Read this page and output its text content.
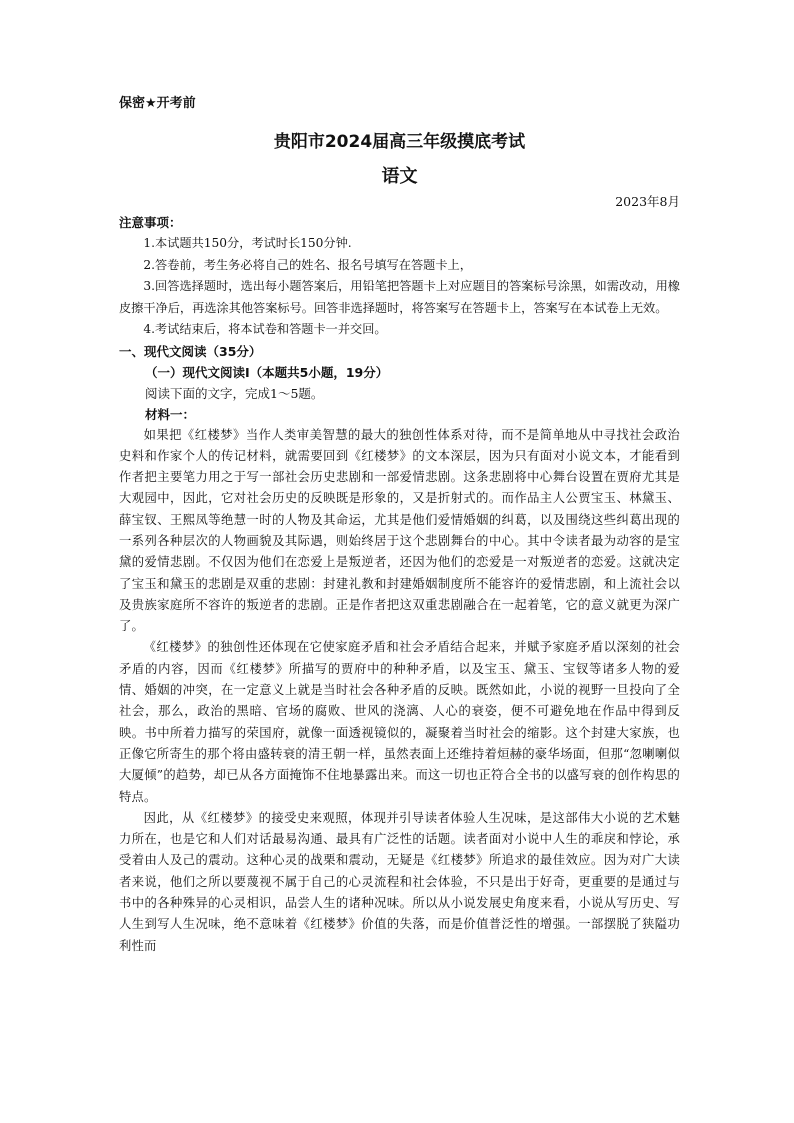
保密★开考前
贵阳市2024届高三年级摸底考试
语文
2023年8月
注意事项：

1.本试题共150分，考试时长150分钟.

2.答卷前，考生务必将自己的姓名、报名号填写在答题卡上，

3.回答选择题时，选出每小题答案后，用铅笔把答题卡上对应题目的答案标号涂黑，如需改动，用橡皮擦干净后，再选涂其他答案标号。回答非选择题时，将答案写在答题卡上，答案写在本试卷上无效。

4.考试结束后，将本试卷和答题卡一并交回。

一、现代文阅读（35分）
（一）现代文阅读Ⅰ（本题共5小题，19分）
阅读下面的文字，完成1～5题。
材料一：

如果把《红楼梦》当作人类审美智慧的最大的独创性体系对待，而不是简单地从中寻找社会政治史料和作家个人的传记材料，就需要回到《红楼梦》的文本深层，因为只有面对小说文本，才能看到作者把主要笔力用之于写一部社会历史悲剧和一部爱情悲剧。这条悲剧将中心舞台设置在贾府尤其是大观园中，因此，它对社会历史的反映既是形象的，又是折射式的。而作品主人公贾宝玉、林黛玉、薛宝钗、王熙凤等绝慧一时的人物及其命运，尤其是他们爱情婚姻的纠葛，以及围绕这些纠葛出现的一系列各种层次的人物画貌及其际遇，则始终居于这个悲剧舞台的中心。其中令读者最为动容的是宝黛的爱情悲剧。不仅因为他们在恋爱上是叛逆者，还因为他们的恋爱是一对叛逆者的恋爱。这就决定了宝玉和黛玉的悲剧是双重的悲剧：封建礼教和封建婚姻制度所不能容许的爱情悲剧，和上流社会以及贵族家庭所不容许的叛逆者的悲剧。正是作者把这双重悲剧融合在一起着笔，它的意义就更为深广了。

《红楼梦》的独创性还体现在它使家庭矛盾和社会矛盾结合起来，并赋予家庭矛盾以深刻的社会矛盾的内容，因而《红楼梦》所描写的贾府中的种种矛盾，以及宝玉、黛玉、宝钗等诸多人物的爱情、婚姻的冲突，在一定意义上就是当时社会各种矛盾的反映。既然如此，小说的视野一旦投向了全社会，那么，政治的黑暗、官场的腐败、世风的浇漓、人心的衰姿，便不可避免地在作品中得到反映。书中所着力描写的荣国府，就像一面透视镜似的，凝聚着当时社会的缩影。这个封建大家族，也正像它所寄生的那个将由盛转衰的清王朝一样，虽然表面上还维持着烜赫的豪华场面，但那“忽喇喇似大厦倾”的趋势，却已从各方面掩饰不住地暴露出来。而这一切也正符合全书的以盛写衰的创作构思的特点。

因此，从《红楼梦》的接受史来观照，体现并引导读者体验人生况味，是这部伟大小说的艺术魅力所在，也是它和人们对话最易沟通、最具有广泛性的话题。读者面对小说中人生的乖戾和悖论，承受着由人及己的震动。这种心灵的战栗和震动，无疑是《红楼梦》所追求的最佳效应。因为对广大读者来说，他们之所以要蔑视不属于自己的心灵流程和社会体验，不只是出于好奇，更重要的是通过与书中的各种殊异的心灵相识，品尝人生的诸种况味。所以从小说发展史角度来看，小说从写历史、写人生到写人生况味，绝不意味着《红楼梦》价值的失落，而是价值普泛性的增强。一部摆脱了狭隘功利性而
